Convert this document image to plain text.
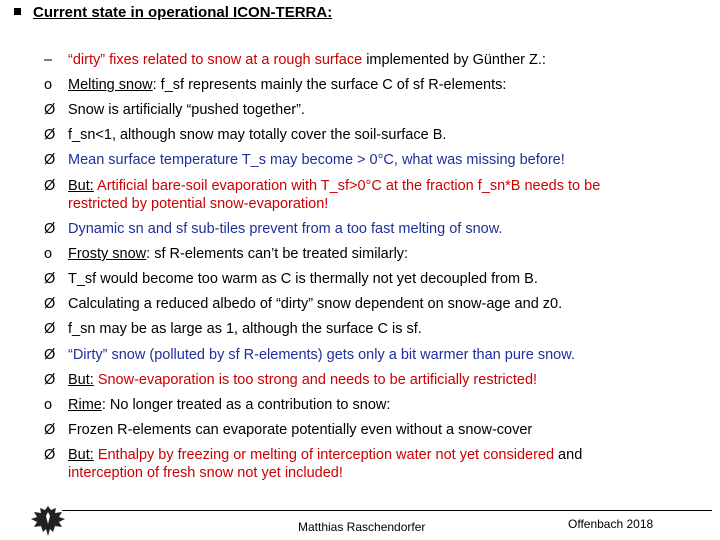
Current state in operational ICON-TERRA:
–	“dirty” fixes related to snow at a rough surface implemented by Günther Z.:
o	Melting snow: f_sf represents mainly the surface C of sf R-elements:
Ø Snow is artificially “pushed together”.
Ø f_sn<1, although snow may totally cover the soil-surface B.
Ø Mean surface temperature T_s may become > 0°C, what was missing before!
Ø But: Artificial bare-soil evaporation with T_sf>0°C at the fraction f_sn*B needs to be
restricted by potential snow-evaporation!
Ø Dynamic sn and sf sub-tiles prevent from a too fast melting of snow.
o	Frosty snow: sf R-elements can’t be treated similarly:
Ø T_sf would become too warm as C is thermally not yet decoupled from B.
Ø Calculating a reduced albedo of “dirty” snow dependent on snow-age and z0.
Ø f_sn may be as large as 1, although the surface C is sf.
Ø “Dirty” snow (polluted by sf R-elements) gets only a bit warmer than pure snow.
Ø But: Snow-evaporation is too strong and needs to be artificially restricted!
o	Rime: No longer treated as a contribution to snow:
Ø Frozen R-elements can evaporate potentially even without a snow-cover
Ø But: Enthalpy by freezing or melting of interception water not yet considered and
interception of fresh snow not yet included!
Matthias Raschendorfer	Offenbach 2018
